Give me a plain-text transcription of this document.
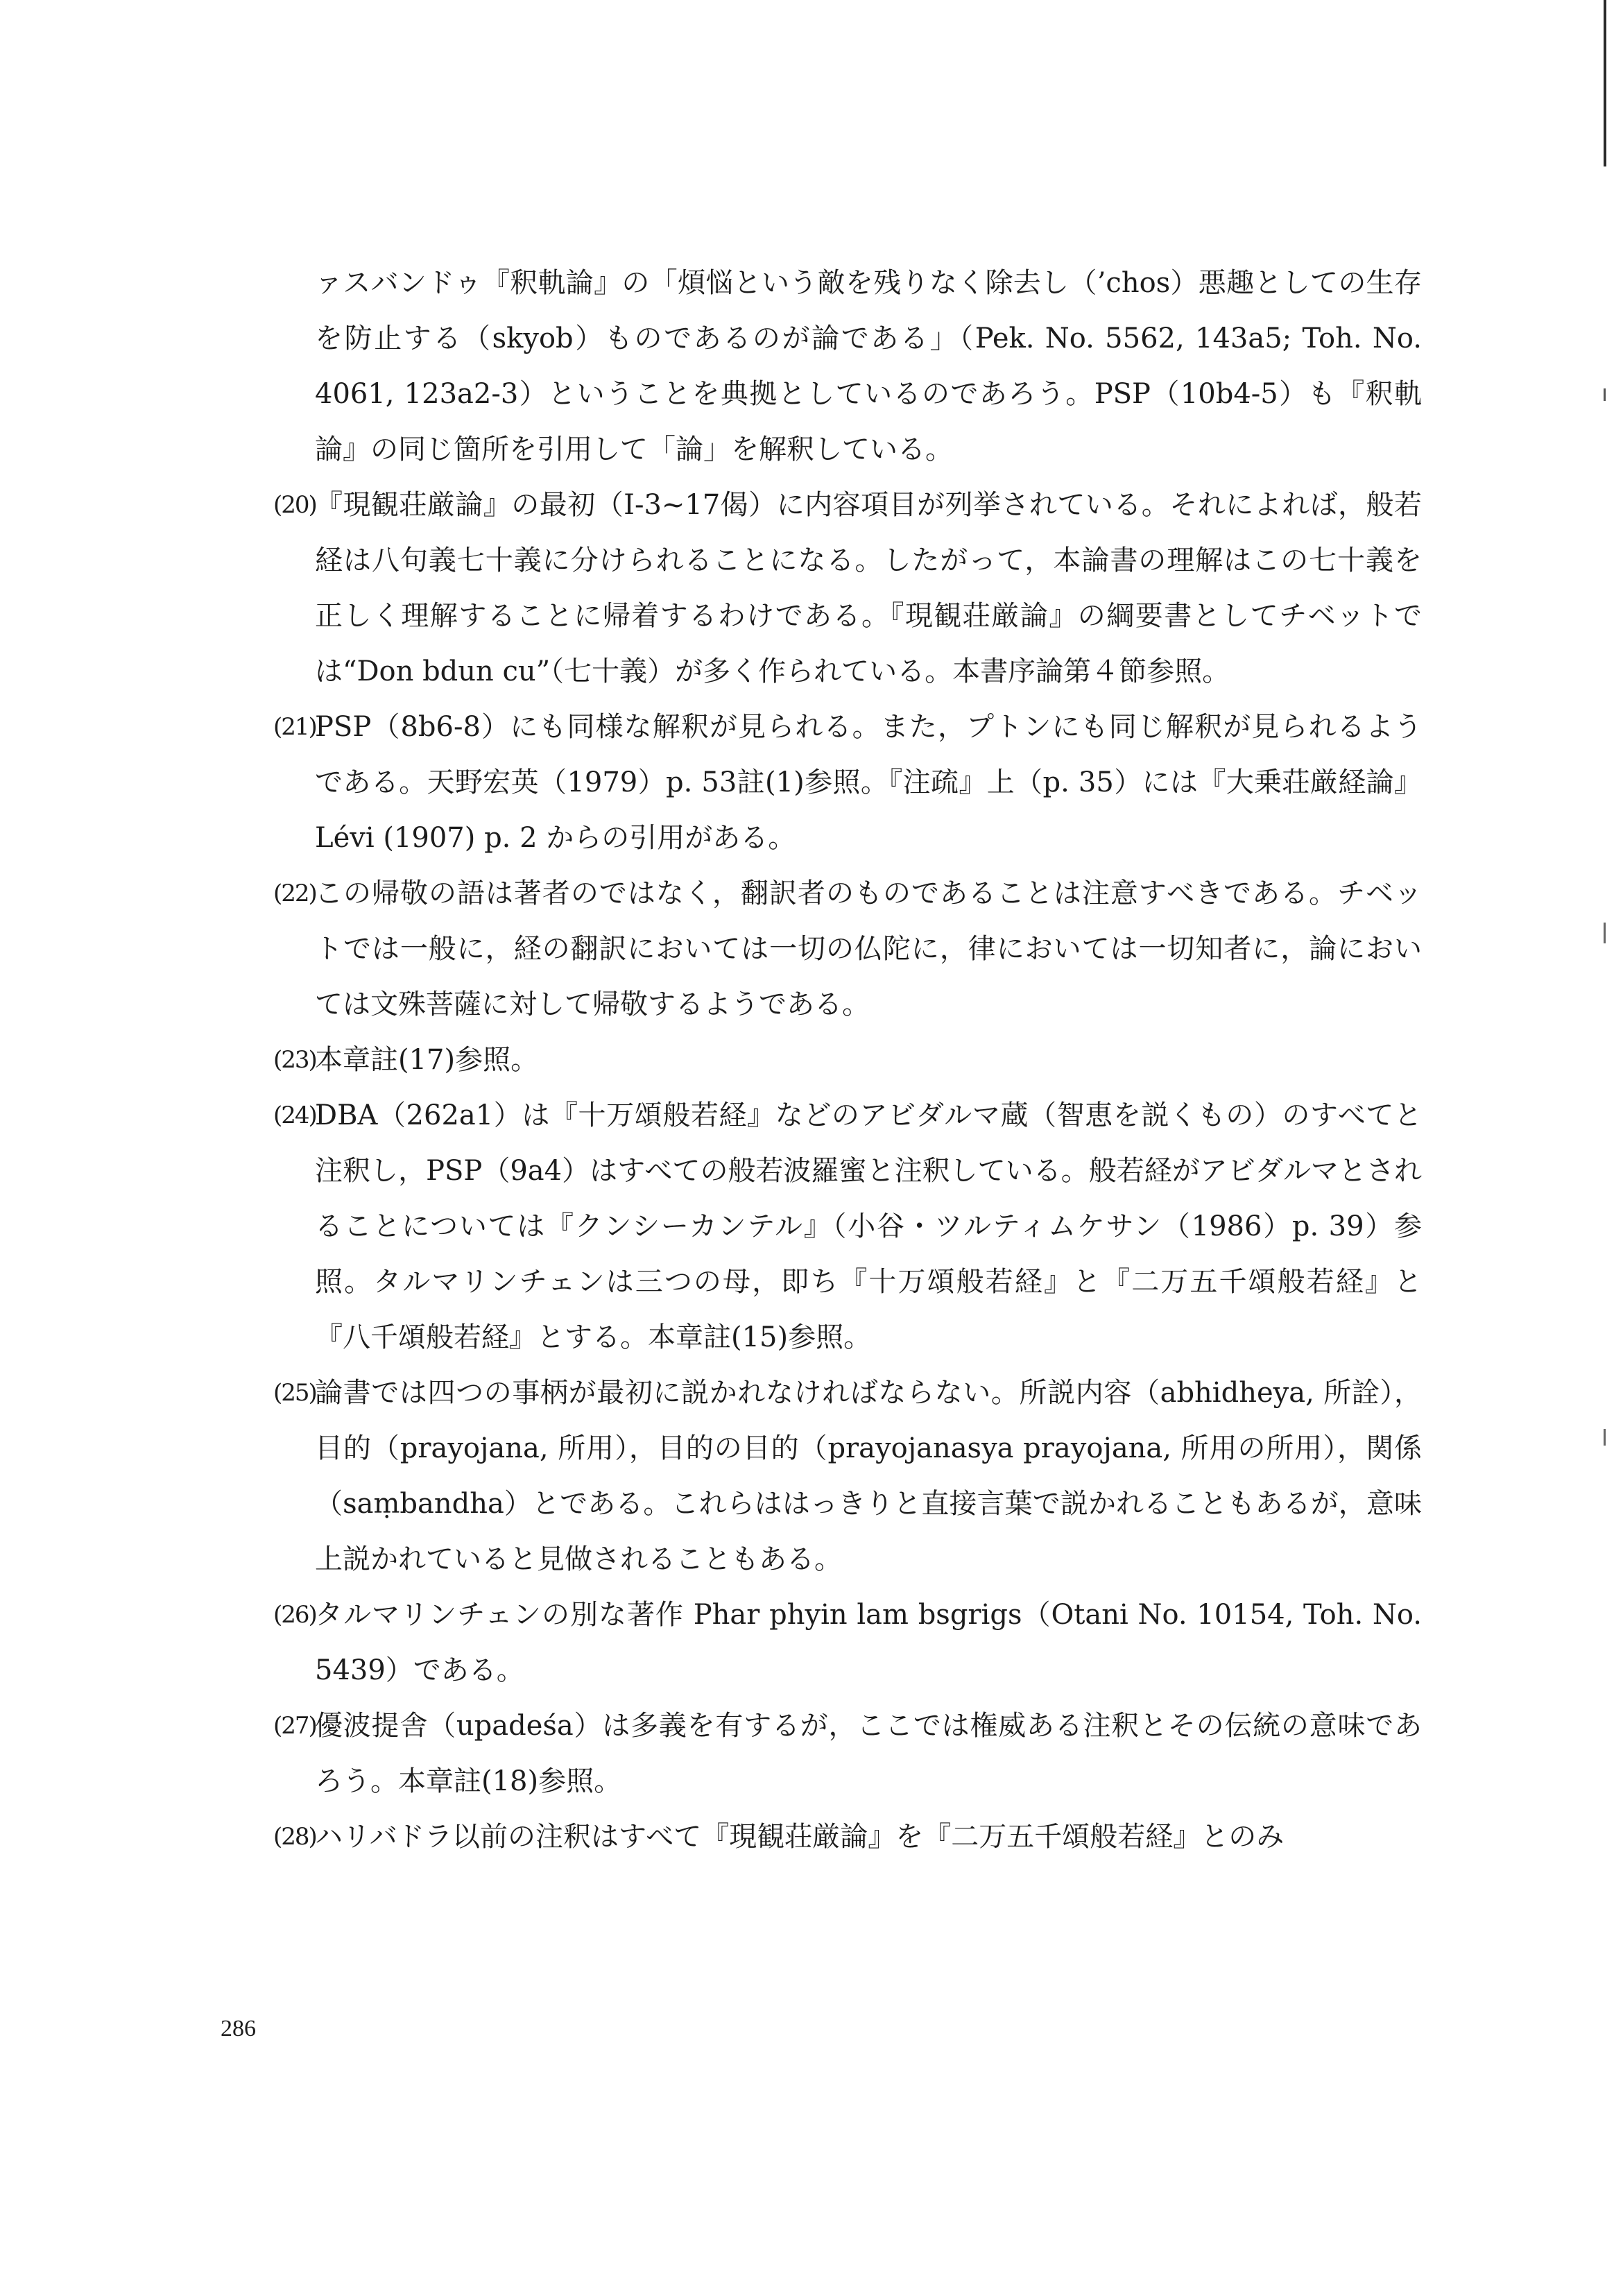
ァスバンドゥ『釈軌論』の「煩悩という敵を残りなく除去し（’chos）悪趣としての生存を防止する（skyob）ものであるのが論である」（Pek. No. 5562, 143a5; Toh. No. 4061, 123a2-3）ということを典拠としているのであろう。PSP（10b4-5）も『釈軌論』の同じ箇所を引用して「論」を解釈している。

(20)
『現観荘厳論』の最初（I-3~17偈）に内容項目が列挙されている。それによれば，般若経は八句義七十義に分けられることになる。したがって，本論書の理解はこの七十義を正しく理解することに帰着するわけである。『現観荘厳論』の綱要書としてチベットでは“Don bdun cu”（七十義）が多く作られている。本書序論第４節参照。
(21)
PSP（8b6-8）にも同様な解釈が見られる。また，プトンにも同じ解釈が見られるようである。天野宏英（1979）p. 53註(1)参照。『注疏』上（p. 35）には『大乗荘厳経論』Lévi (1907) p. 2 からの引用がある。
(22)
この帰敬の語は著者のではなく，翻訳者のものであることは注意すべきである。チベットでは一般に，経の翻訳においては一切の仏陀に，律においては一切知者に，論においては文殊菩薩に対して帰敬するようである。
(23)
本章註(17)参照。
(24)
DBA（262a1）は『十万頌般若経』などのアビダルマ蔵（智恵を説くもの）のすべてと注釈し，PSP（9a4）はすべての般若波羅蜜と注釈している。般若経がアビダルマとされることについては『クンシーカンテル』（小谷・ツルティムケサン（1986）p. 39）参照。タルマリンチェンは三つの母，即ち『十万頌般若経』と『二万五千頌般若経』と『八千頌般若経』とする。本章註(15)参照。
(25)
論書では四つの事柄が最初に説かれなければならない。所説内容（abhidheya, 所詮），目的（prayojana, 所用），目的の目的（prayojanasya prayojana, 所用の所用），関係（saṃbandha）とである。これらははっきりと直接言葉で説かれることもあるが，意味上説かれていると見做されることもある。
(26)
タルマリンチェンの別な著作 Phar phyin lam bsgrigs（Otani No. 10154, Toh. No. 5439）である。
(27)
優波提舎（upadeśa）は多義を有するが，ここでは権威ある注釈とその伝統の意味であろう。本章註(18)参照。
(28)
ハリバドラ以前の注釈はすべて『現観荘厳論』を『二万五千頌般若経』とのみ
286
